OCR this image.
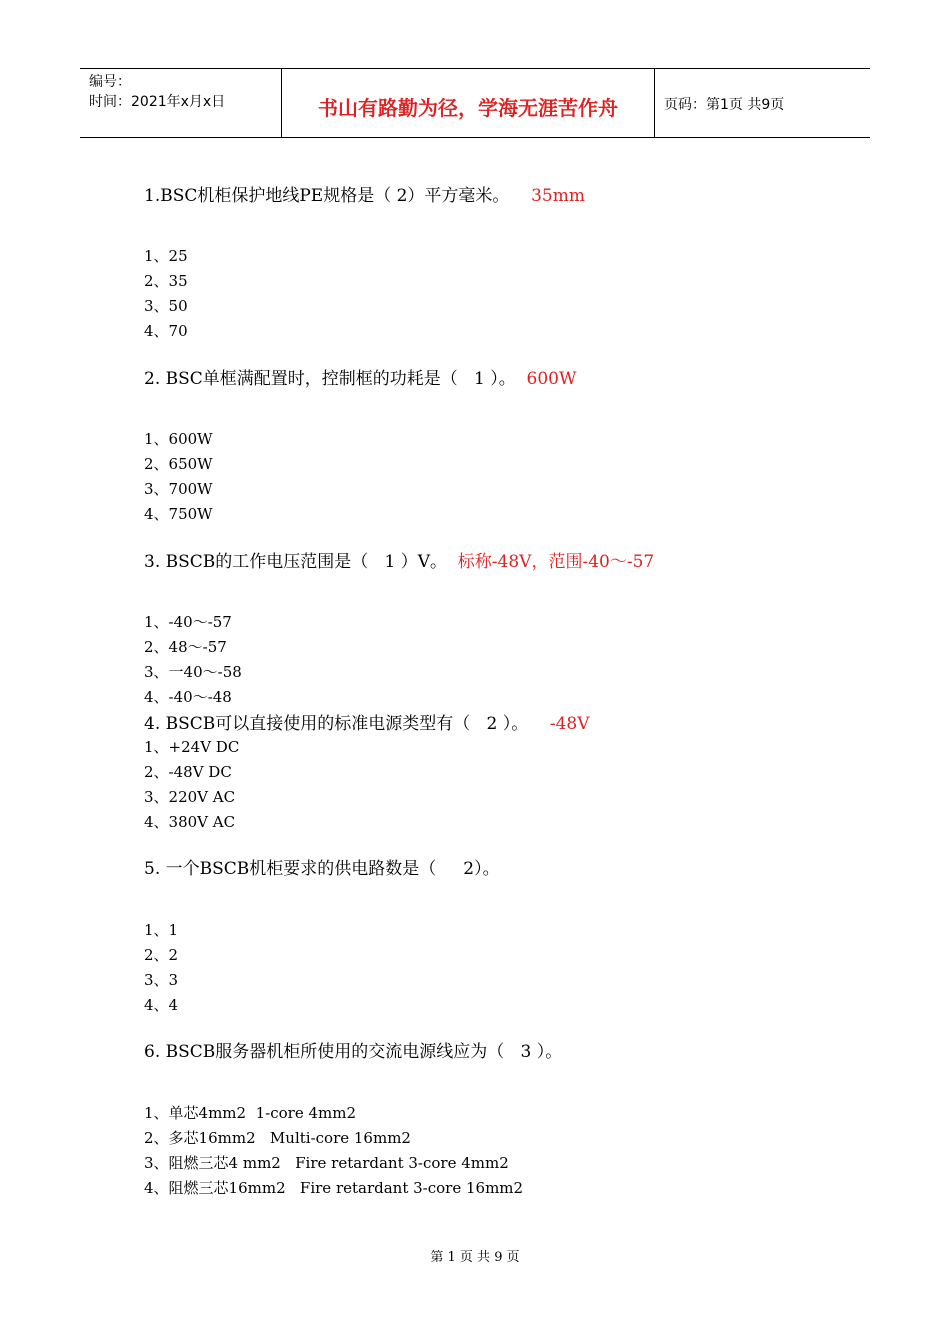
编号：
时间：2021年x月x日	书山有路勤为径，学海无涯苦作舟	页码：第1页 共9页
1.BSC机柜保护地线PE规格是（ 2）平方毫米。 35mm
1、25
2、35
3、50
4、70
2. BSC单框满配置时，控制框的功耗是（   1 ）。 600W
1、600W
2、650W
3、700W
4、750W
3. BSCB的工作电压范围是（   1 ）V。 标称-48V，范围-40～-57
1、-40～-57
2、48～-57
3、一40～-58
4、-40～-48
4. BSCB可以直接使用的标准电源类型有（   2 ）。 -48V
1、+24V DC
2、-48V DC
3、220V AC
4、380V AC
5. 一个BSCB机柜要求的供电路数是（     2）。
1、1
2、2
3、3
4、4
6. BSCB服务器机柜所使用的交流电源线应为（   3 ）。
1、单芯4mm2  1-core 4mm2
2、多芯16mm2   Multi-core 16mm2
3、阻燃三芯4 mm2   Fire retardant 3-core 4mm2
4、阻燃三芯16mm2   Fire retardant 3-core 16mm2
第 1 页 共 9 页
